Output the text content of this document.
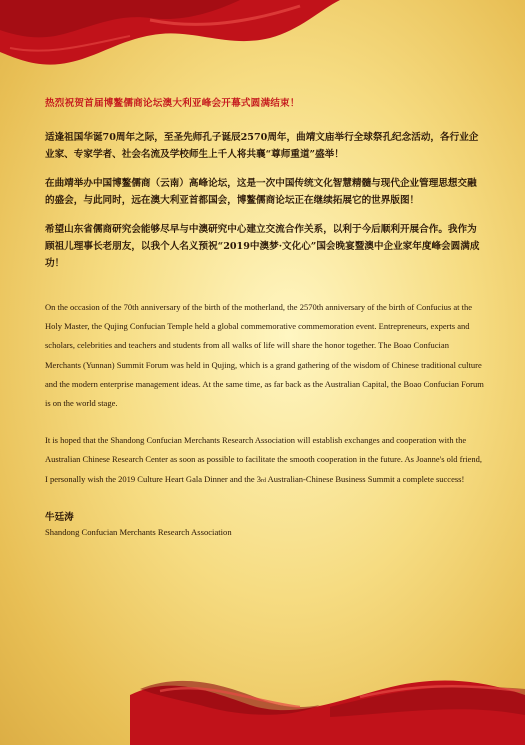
热烈祝贺首届博鳌儒商论坛澳大利亚峰会开幕式圆满结束！

适逢祖国华诞70周年之际，至圣先师孔子诞辰2570周年，曲靖文庙举行全球祭孔纪念活动，各行业企业家、专家学者、社会名流及学校师生上千人将共襄“尊师重道”盛举！

在曲靖举办中国博鳌儒商（云南）高峰论坛，这是一次中国传统文化智慧精髓与现代企业管理思想交融的盛会，与此同时，远在澳大利亚首都国会，博鳌儒商论坛正在继续拓展它的世界版图！

希望山东省儒商研究会能够尽早与中澳研究中心建立交流合作关系，以利于今后顺利开展合作。我作为顾祖儿理事长老朋友，以我个人名义预祝“2019中澳梦·文化心”国会晚宴暨澳中企业家年度峰会圆满成功！

On the occasion of the 70th anniversary of the birth of the motherland, the 2570th anniversary of the birth of Confucius at the Holy Master, the Qujing Confucian Temple held a global commemorative commemoration event. Entrepreneurs, experts and scholars, celebrities and teachers and students from all walks of life will share the honor together. The Boao Confucian Merchants (Yunnan) Summit Forum was held in Qujing, which is a grand gathering of the wisdom of Chinese traditional culture and the modern enterprise management ideas. At the same time, as far back as the Australian Capital, the Boao Confucian Forum is on the world stage.

It is hoped that the Shandong Confucian Merchants Research Association will establish exchanges and cooperation with the Australian Chinese Research Center as soon as possible to facilitate the smooth cooperation in the future. As Joanne's old friend, I personally wish the 2019 Culture Heart Gala Dinner and the 3rd Australian-Chinese Business Summit a complete success!

牛廷涛

Shandong Confucian Merchants Research Association
